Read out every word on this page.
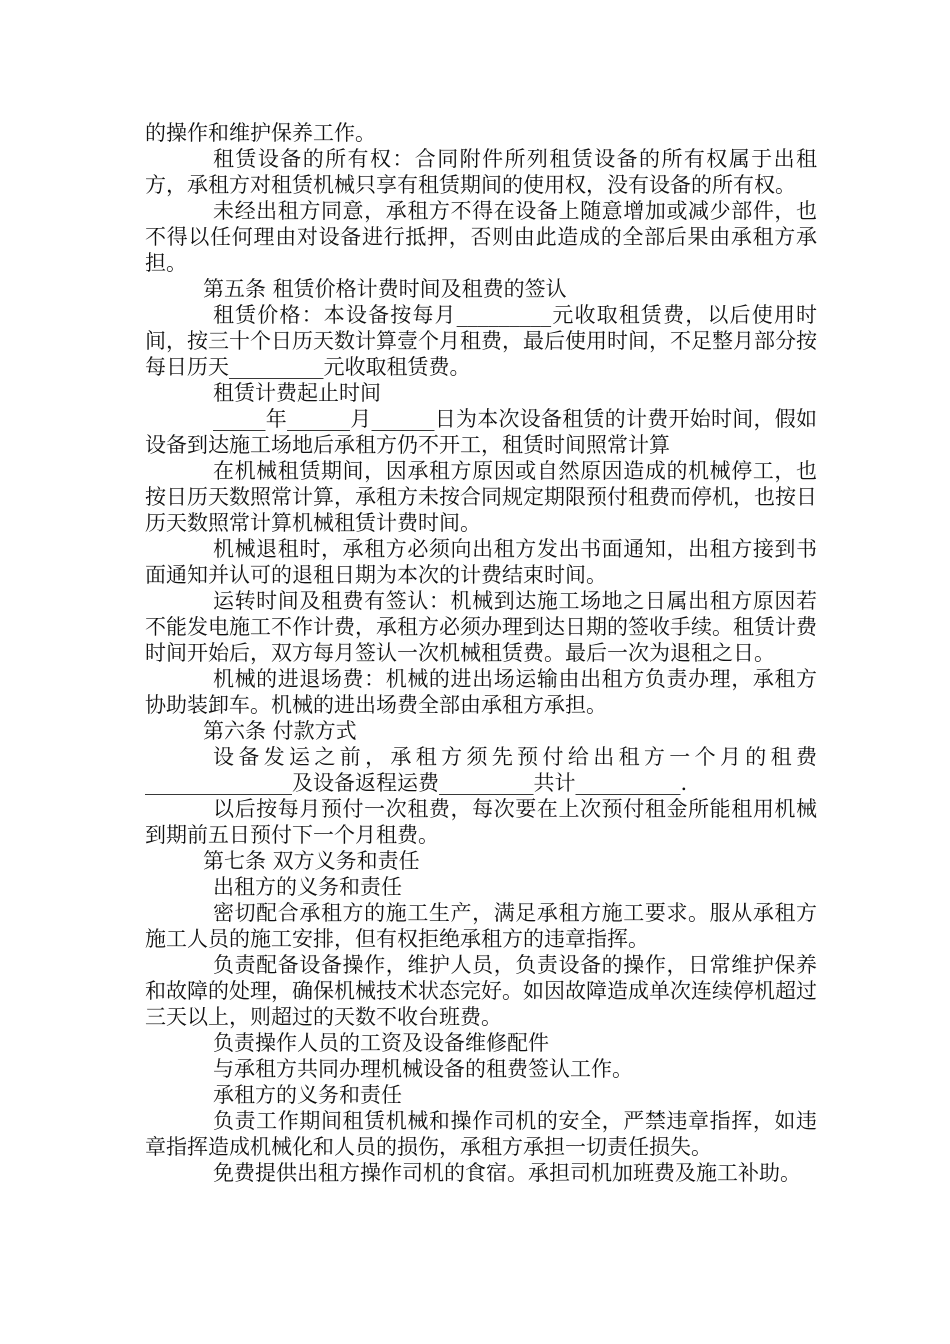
的操作和维护保养工作。

租赁设备的所有权：合同附件所列租赁设备的所有权属于出租方，承租方对租赁机械只享有租赁期间的使用权，没有设备的所有权。

未经出租方同意，承租方不得在设备上随意增加或减少部件，也不得以任何理由对设备进行抵押，否则由此造成的全部后果由承租方承担。

第五条 租赁价格计费时间及租费的签认

租赁价格：本设备按每月_________元收取租赁费，以后使用时间，按三十个日历天数计算壹个月租费，最后使用时间，不足整月部分按每日历天_________元收取租赁费。

租赁计费起止时间

_____年______月______日为本次设备租赁的计费开始时间，假如设备到达施工场地后承租方仍不开工，租赁时间照常计算

在机械租赁期间，因承租方原因或自然原因造成的机械停工，也按日历天数照常计算，承租方未按合同规定期限预付租费而停机，也按日历天数照常计算机械租赁计费时间。

机械退租时，承租方必须向出租方发出书面通知，出租方接到书面通知并认可的退租日期为本次的计费结束时间。

运转时间及租费有签认：机械到达施工场地之日属出租方原因若不能发电施工不作计费，承租方必须办理到达日期的签收手续。租赁计费时间开始后，双方每月签认一次机械租赁费。最后一次为退租之日。

机械的进退场费：机械的进出场运输由出租方负责办理，承租方协助装卸车。机械的进出场费全部由承租方承担。

第六条 付款方式

设备发运之前，承租方须先预付给出租方一个月的租费______________及设备返程运费_________共计__________.

以后按每月预付一次租费，每次要在上次预付租金所能租用机械到期前五日预付下一个月租费。

第七条 双方义务和责任

出租方的义务和责任

密切配合承租方的施工生产，满足承租方施工要求。服从承租方施工人员的施工安排，但有权拒绝承租方的违章指挥。

负责配备设备操作，维护人员，负责设备的操作，日常维护保养和故障的处理，确保机械技术状态完好。如因故障造成单次连续停机超过三天以上，则超过的天数不收台班费。

负责操作人员的工资及设备维修配件

与承租方共同办理机械设备的租费签认工作。

承租方的义务和责任

负责工作期间租赁机械和操作司机的安全，严禁违章指挥，如违章指挥造成机械化和人员的损伤，承租方承担一切责任损失。

免费提供出租方操作司机的食宿。承担司机加班费及施工补助。
